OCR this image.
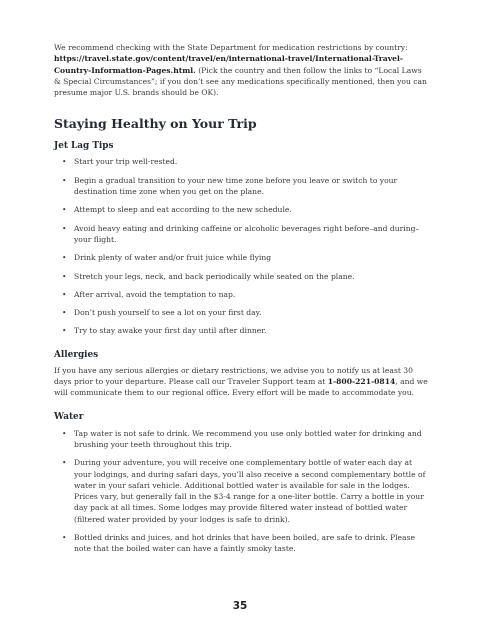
We recommend checking with the State Department for medication restrictions by country: https://travel.state.gov/content/travel/en/international-travel/International-Travel-Country-Information-Pages.html. (Pick the country and then follow the links to “Local Laws & Special Circumstances”; if you don’t see any medications specifically mentioned, then you can presume major U.S. brands should be OK).

Staying Healthy on Your Trip
Jet Lag Tips
• Start your trip well-rested.
• Begin a gradual transition to your new time zone before you leave or switch to your destination time zone when you get on the plane.
• Attempt to sleep and eat according to the new schedule.
• Avoid heavy eating and drinking caffeine or alcoholic beverages right before–and during–your flight.
• Drink plenty of water and/or fruit juice while flying
• Stretch your legs, neck, and back periodically while seated on the plane.
• After arrival, avoid the temptation to nap.
• Don’t push yourself to see a lot on your first day.
• Try to stay awake your first day until after dinner.
Allergies

If you have any serious allergies or dietary restrictions, we advise you to notify us at least 30 days prior to your departure. Please call our Traveler Support team at 1-800-221-0814, and we will communicate them to our regional office. Every effort will be made to accommodate you.

Water
• Tap water is not safe to drink. We recommend you use only bottled water for drinking and brushing your teeth throughout this trip.
• During your adventure, you will receive one complementary bottle of water each day at your lodgings, and during safari days, you’ll also receive a second complementary bottle of water in your safari vehicle. Additional bottled water is available for sale in the lodges. Prices vary, but generally fall in the $3-4 range for a one-liter bottle. Carry a bottle in your day pack at all times. Some lodges may provide filtered water instead of bottled water (filtered water provided by your lodges is safe to drink).
• Bottled drinks and juices, and hot drinks that have been boiled, are safe to drink. Please note that the boiled water can have a faintly smoky taste.
35
